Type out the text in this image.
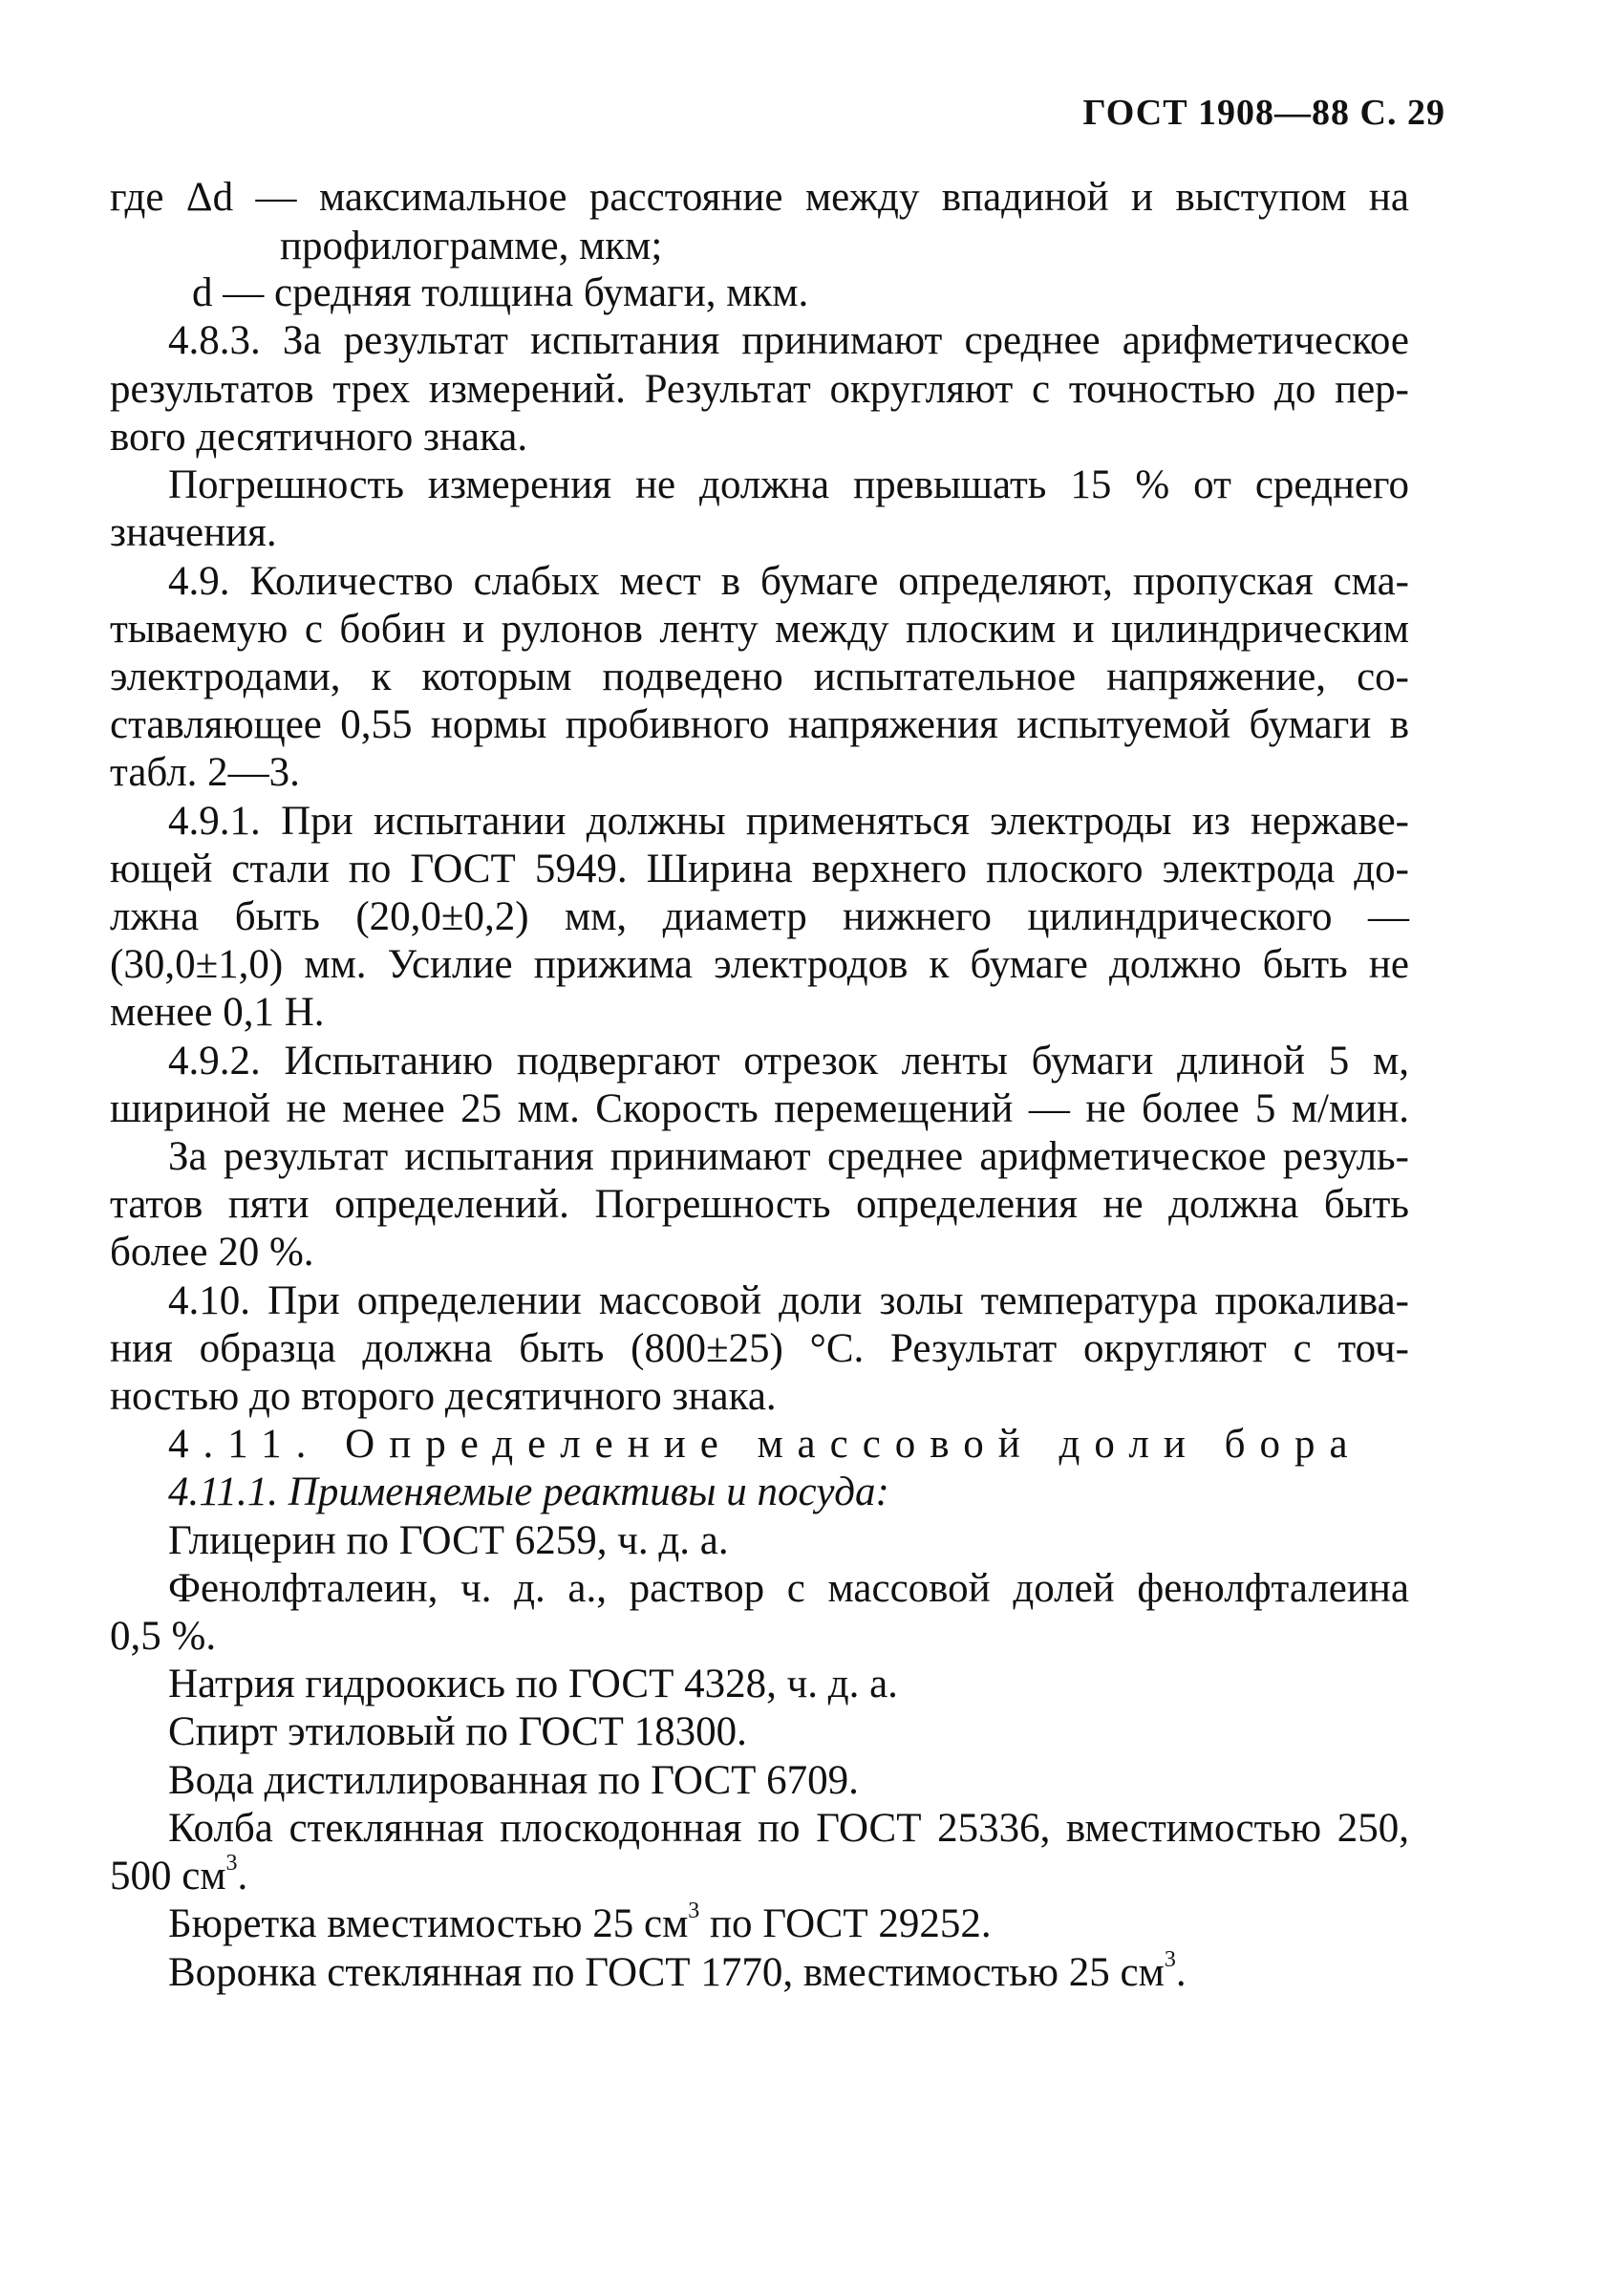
ГОСТ 1908—88 С. 29
где Δd — максимальное расстояние между впадиной и выступом на
профилограмме, мкм;
d — средняя толщина бумаги, мкм.
4.8.3. За результат испытания принимают среднее арифметическое
результатов трех измерений. Результат округляют с точностью до пер-
вого десятичного знака.
Погрешность измерения не должна превышать 15 % от среднего
значения.
4.9. Количество слабых мест в бумаге определяют, пропуская сма-
тываемую с бобин и рулонов ленту между плоским и цилиндрическим
электродами, к которым подведено испытательное напряжение, со-
ставляющее 0,55 нормы пробивного напряжения испытуемой бумаги в
табл. 2—3.
4.9.1. При испытании должны применяться электроды из нержаве-
ющей стали по ГОСТ 5949. Ширина верхнего плоского электрода до-
лжна быть (20,0±0,2) мм, диаметр нижнего цилиндрического —
(30,0±1,0) мм. Усилие прижима электродов к бумаге должно быть не
менее 0,1 Н.
4.9.2. Испытанию подвергают отрезок ленты бумаги длиной 5 м,
шириной не менее 25 мм. Скорость перемещений — не более 5 м/мин.
За результат испытания принимают среднее арифметическое резуль-
татов пяти определений. Погрешность определения не должна быть
более 20 %.
4.10. При определении массовой доли золы температура прокалива-
ния образца должна быть (800±25) °С. Результат округляют с точ-
ностью до второго десятичного знака.
4.11. Определение массовой доли бора
4.11.1. Применяемые реактивы и посуда:
Глицерин по ГОСТ 6259, ч. д. а.
Фенолфталеин, ч. д. а., раствор с массовой долей фенолфталеина
0,5 %.
Натрия гидроокись по ГОСТ 4328, ч. д. а.
Спирт этиловый по ГОСТ 18300.
Вода дистиллированная по ГОСТ 6709.
Колба стеклянная плоскодонная по ГОСТ 25336, вместимостью 250,
500 $см^3$.
Бюретка вместимостью 25 $см^3$ по ГОСТ 29252.
Воронка стеклянная по ГОСТ 1770, вместимостью 25 $см^3$.
